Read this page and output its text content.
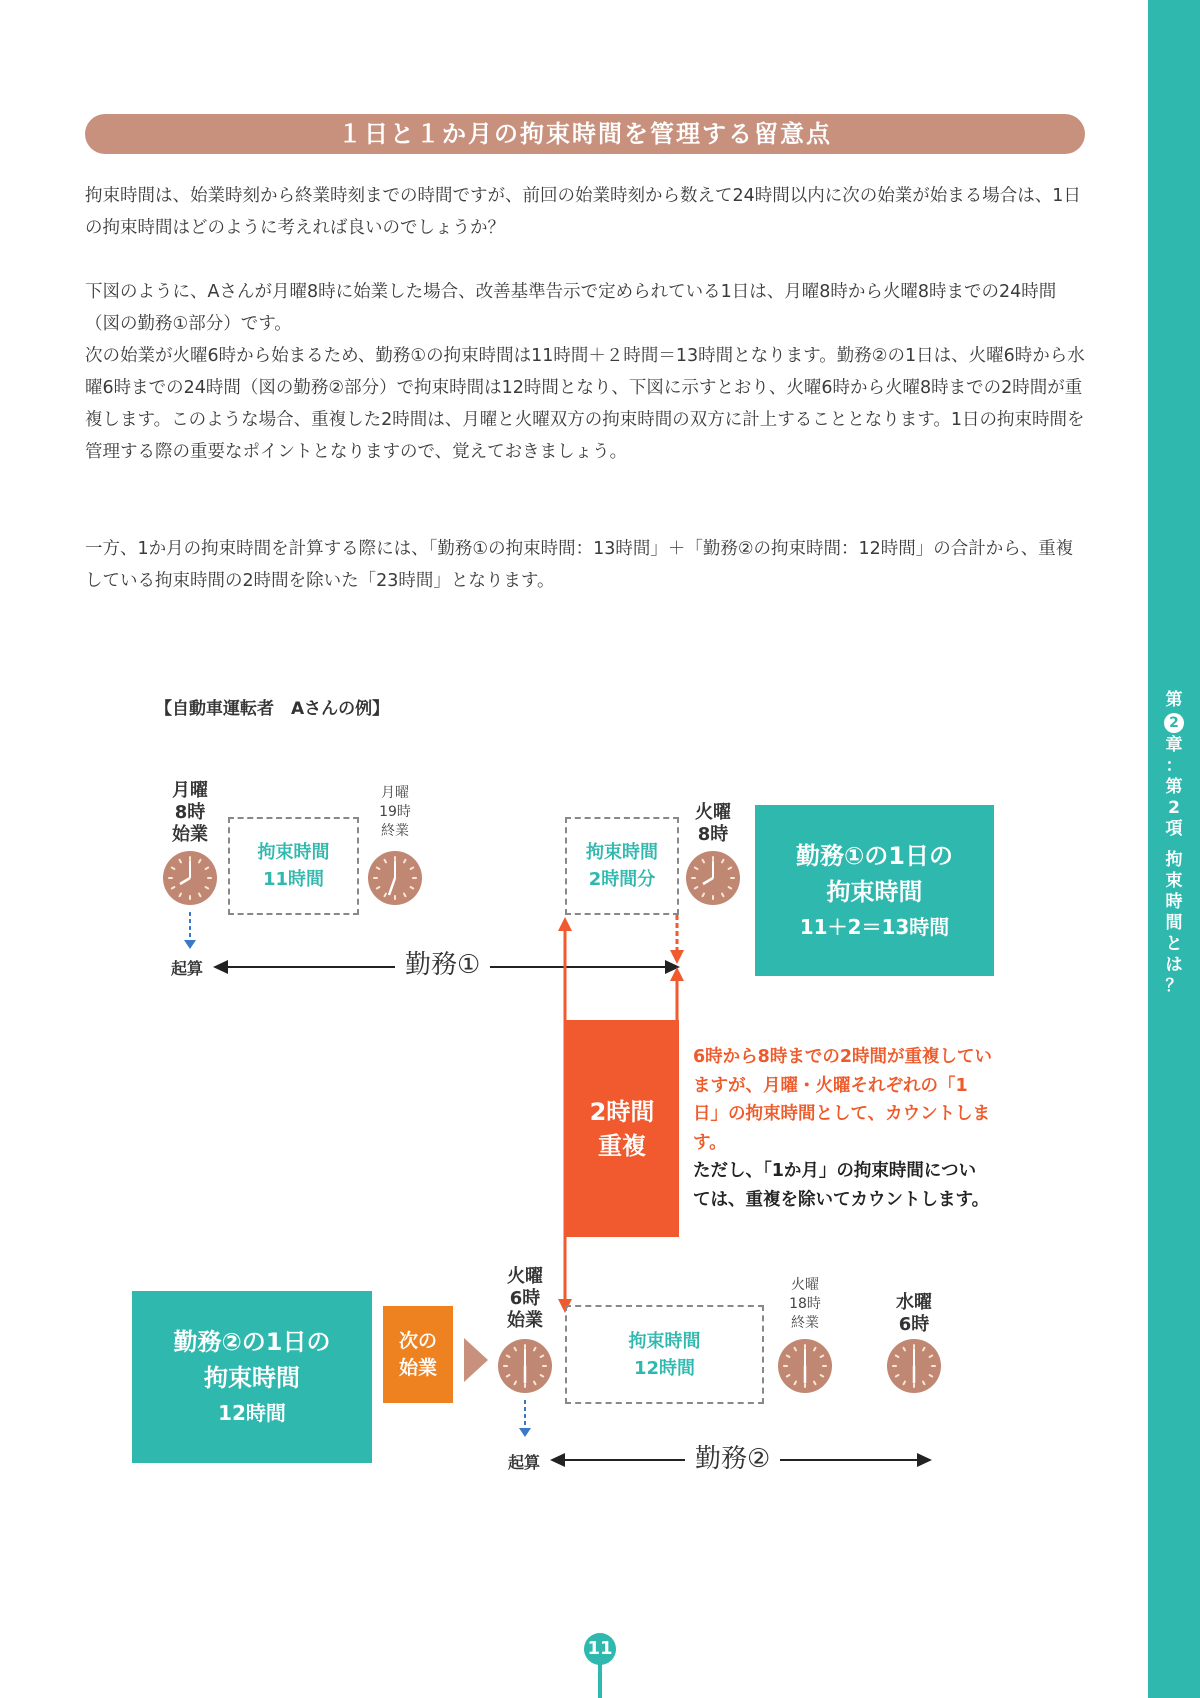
第
2
章
：
第
2
項
拘
束
時
間
と
は
？
１日と１か月の拘束時間を管理する留意点
拘束時間は、始業時刻から終業時刻までの時間ですが、前回の始業時刻から数えて24時間以内に次の始業が始まる場合は、1日の拘束時間はどのように考えれば良いのでしょうか？
下図のように、Aさんが月曜8時に始業した場合、改善基準告示で定められている1日は、月曜8時から火曜8時までの24時間（図の勤務①部分）です。
次の始業が火曜6時から始まるため、勤務①の拘束時間は11時間＋２時間＝13時間となります。勤務②の1日は、火曜6時から水曜6時までの24時間（図の勤務②部分）で拘束時間は12時間となり、下図に示すとおり、火曜6時から火曜8時までの2時間が重複します。このような場合、重複した2時間は、月曜と火曜双方の拘束時間の双方に計上することとなります。1日の拘束時間を管理する際の重要なポイントとなりますので、覚えておきましょう。
一方、1か月の拘束時間を計算する際には、「勤務①の拘束時間：13時間」＋「勤務②の拘束時間：12時間」の合計から、重複している拘束時間の2時間を除いた「23時間」となります。
【自動車運転者　Aさんの例】
月曜
8時
始業
拘束時間
11時間
月曜
19時
終業
起算	勤務①
拘束時間
2時間分
火曜
8時
勤務①の1日の
拘束時間
11＋2＝13時間
2時間
重複
6時から8時までの2時間が重複していますが、月曜・火曜それぞれの「1日」の拘束時間として、カウントします。
ただし、「1か月」の拘束時間については、重複を除いてカウントします。
勤務②の1日の
拘束時間
12時間
次の
始業
火曜
6時
始業
起算
拘束時間
12時間
火曜
18時
終業
水曜
6時
勤務②
11
